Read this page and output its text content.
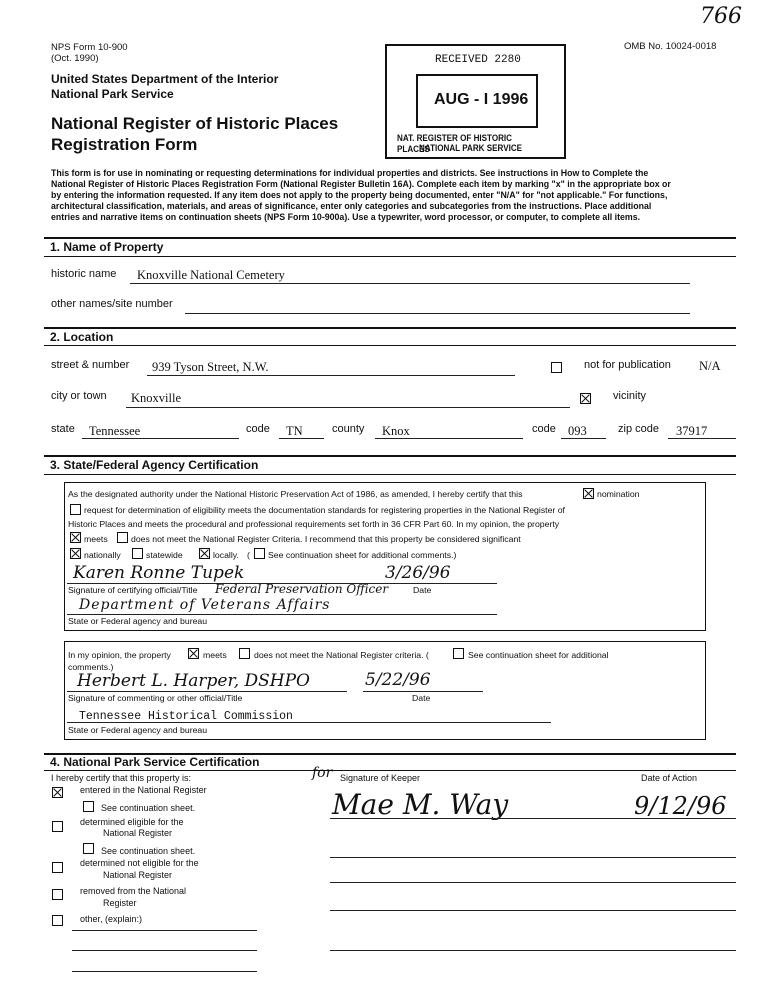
NPS Form 10-900
(Oct. 1990)
766
OMB No. 10024-0018
United States Department of the Interior
National Park Service
National Register of Historic Places
Registration Form
RECEIVED 2280
AUG - I 1996
NAT. REGISTER OF HISTORIC PLACES
NATIONAL PARK SERVICE
This form is for use in nominating or requesting determinations for individual properties and districts. See instructions in How to Complete the
National Register of Historic Places Registration Form (National Register Bulletin 16A). Complete each item by marking "x" in the appropriate box or
by entering the information requested. If any item does not apply to the property being documented, enter "N/A" for "not applicable." For functions,
architectural classification, materials, and areas of significance, enter only categories and subcategories from the instructions. Place additional
entries and narrative items on continuation sheets (NPS Form 10-900a). Use a typewriter, word processor, or computer, to complete all items.
1. Name of Property
historic name Knoxville National Cemetery
other names/site number
2. Location
street & number 939 Tyson Street, N.W.	not for publication N/A
city or town Knoxville	vicinity
state Tennessee	code TN	county Knox	code 093	zip code 37917
3. State/Federal Agency Certification
As the designated authority under the National Historic Preservation Act of 1986, as amended, I hereby certify that this	nomination
request for determination of eligibility meets the documentation standards for registering properties in the National Register of
Historic Places and meets the procedural and professional requirements set forth in 36 CFR Part 60. In my opinion, the property
meets	does not meet the National Register Criteria. I recommend that this property be considered significant
nationally	statewide	locally. ( See continuation sheet for additional comments.)
Karen Ronne Tupek	3/26/96
Signature of certifying official/Title Federal Preservation Officer	Date
Department of Veterans Affairs
State or Federal agency and bureau
In my opinion, the property	meets	does not meet the National Register criteria. (	See continuation sheet for additional
comments.)
Herbert L. Harper, DSHPO	5/22/96
Signature of commenting or other official/Title	Date
Tennessee Historical Commission
State or Federal agency and bureau
4. National Park Service Certification
I hereby certify that this property is:
entered in the National Register
See continuation sheet.
determined eligible for the
National Register
See continuation sheet.
determined not eligible for the
National Register
removed from the National
Register
other, (explain:)
for Signature of Keeper	Date of Action
Mae M. Way	9/12/96
